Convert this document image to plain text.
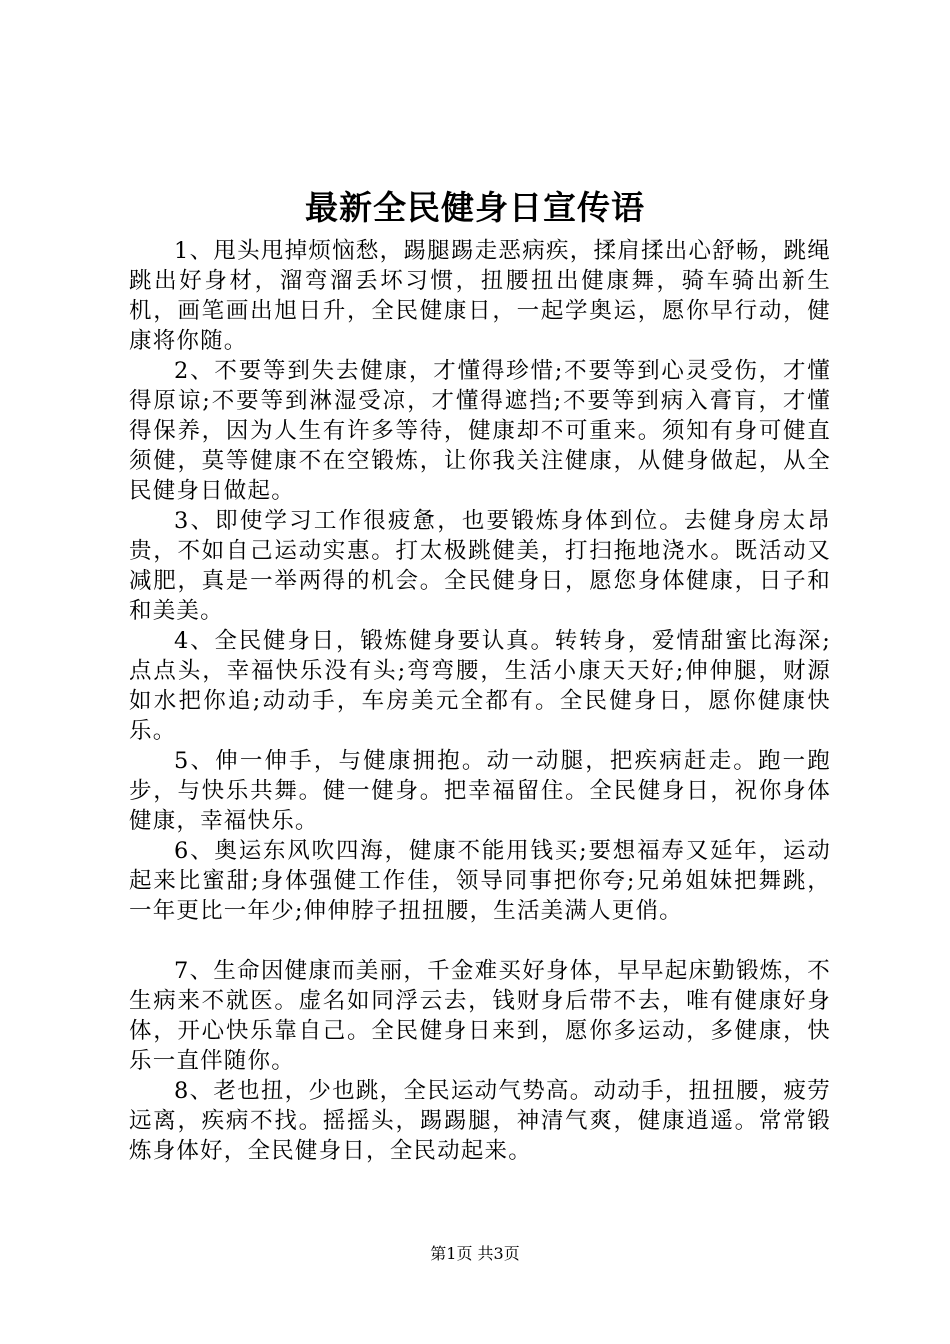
最新全民健身日宣传语

1、甩头甩掉烦恼愁，踢腿踢走恶病疾，揉肩揉出心舒畅，跳绳跳出好身材，溜弯溜丢坏习惯，扭腰扭出健康舞，骑车骑出新生机，画笔画出旭日升，全民健康日，一起学奥运，愿你早行动，健康将你随。

2、不要等到失去健康，才懂得珍惜;不要等到心灵受伤，才懂得原谅;不要等到淋湿受凉，才懂得遮挡;不要等到病入膏肓，才懂得保养，因为人生有许多等待，健康却不可重来。须知有身可健直须健，莫等健康不在空锻炼，让你我关注健康，从健身做起，从全民健身日做起。

3、即使学习工作很疲惫，也要锻炼身体到位。去健身房太昂贵，不如自己运动实惠。打太极跳健美，打扫拖地浇水。既活动又减肥，真是一举两得的机会。全民健身日，愿您身体健康，日子和和美美。

4、全民健身日，锻炼健身要认真。转转身，爱情甜蜜比海深;点点头，幸福快乐没有头;弯弯腰，生活小康天天好;伸伸腿，财源如水把你追;动动手，车房美元全都有。全民健身日，愿你健康快乐。

5、伸一伸手，与健康拥抱。动一动腿，把疾病赶走。跑一跑步，与快乐共舞。健一健身。把幸福留住。全民健身日，祝你身体健康，幸福快乐。

6、奥运东风吹四海，健康不能用钱买;要想福寿又延年，运动起来比蜜甜;身体强健工作佳，领导同事把你夸;兄弟姐妹把舞跳，一年更比一年少;伸伸脖子扭扭腰，生活美满人更俏。

7、生命因健康而美丽，千金难买好身体，早早起床勤锻炼，不生病来不就医。虚名如同浮云去，钱财身后带不去，唯有健康好身体，开心快乐靠自己。全民健身日来到，愿你多运动，多健康，快乐一直伴随你。

8、老也扭，少也跳，全民运动气势高。动动手，扭扭腰，疲劳远离，疾病不找。摇摇头，踢踢腿，神清气爽，健康逍遥。常常锻炼身体好，全民健身日，全民动起来。

第1页 共3页
